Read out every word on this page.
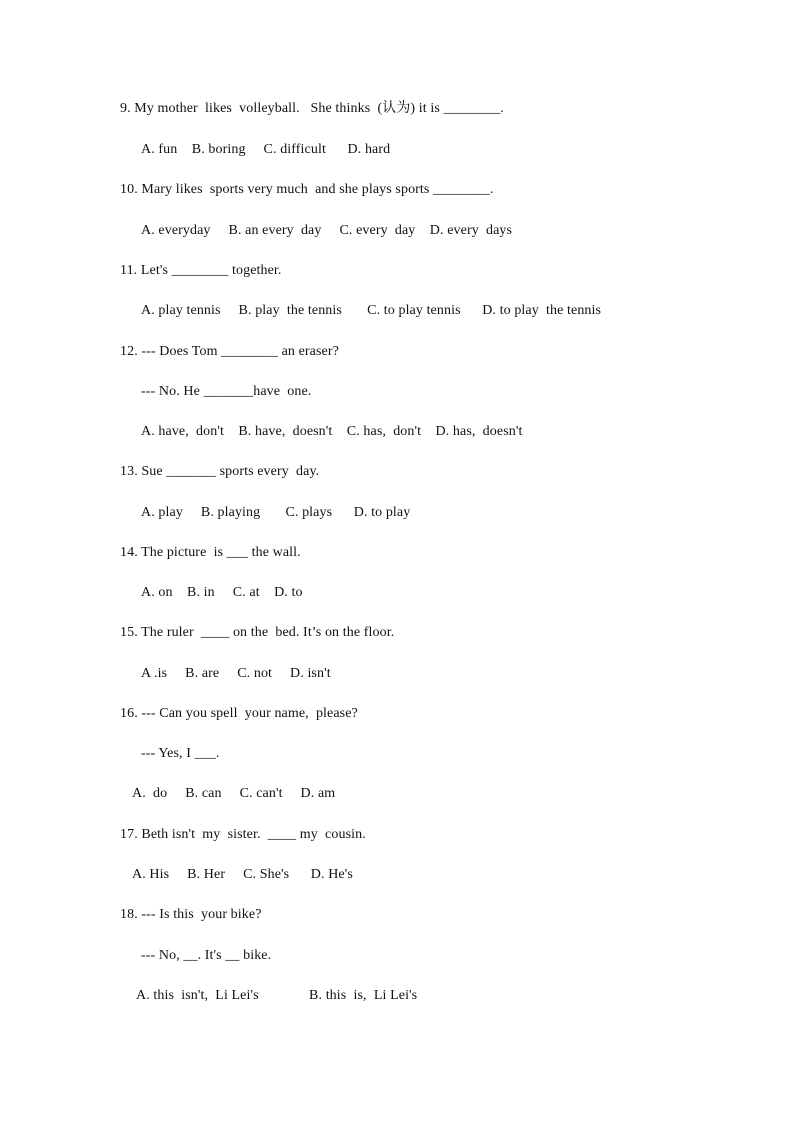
9. My mother  likes  volleyball.   She thinks  (认为) it is ________.
A. fun    B. boring     C. difficult      D. hard
10. Mary likes  sports very much  and she plays sports ________.
A. everyday     B. an every  day     C. every  day    D. every  days
11. Let's ________ together.
A. play tennis     B. play  the tennis       C. to play tennis      D. to play  the tennis
12. --- Does Tom ________ an eraser?
--- No. He _______have  one.
A. have,  don't    B. have,  doesn't    C. has,  don't    D. has,  doesn't
13. Sue _______ sports every  day.
A. play     B. playing       C. plays      D. to play
14. The picture  is ___ the wall.
A. on    B. in     C. at    D. to
15. The ruler  ____ on the  bed. It’s on the floor.
A .is     B. are     C. not     D. isn't
16. --- Can you spell  your name,  please?
--- Yes, I ___.
A.  do     B. can     C. can't     D. am
17. Beth isn't  my  sister.  ____ my  cousin.
A. His     B. Her     C. She's      D. He's
18. --- Is this  your bike?
--- No, __. It's __ bike.
A. this  isn't,  Li Lei's              B. this  is,  Li Lei's
